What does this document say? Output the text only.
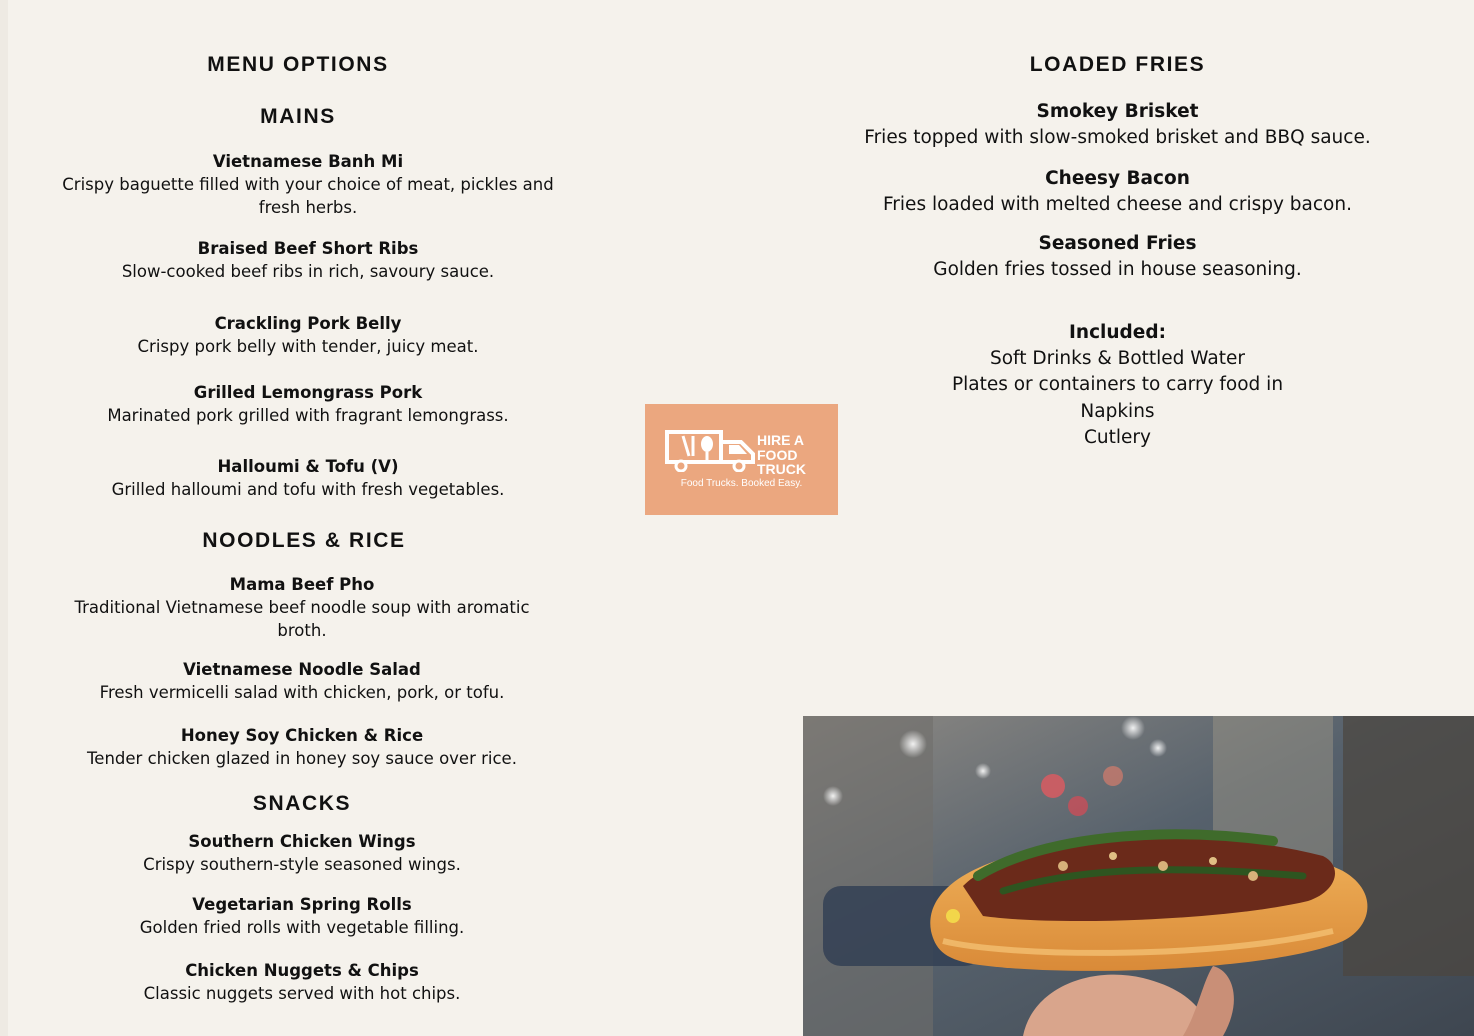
MENU OPTIONS
MAINS
Vietnamese Banh Mi
Crispy baguette filled with your choice of meat, pickles and fresh herbs.
Braised Beef Short Ribs
Slow-cooked beef ribs in rich, savoury sauce.
Crackling Pork Belly
Crispy pork belly with tender, juicy meat.
Grilled Lemongrass Pork
Marinated pork grilled with fragrant lemongrass.
Halloumi & Tofu (V)
Grilled halloumi and tofu with fresh vegetables.
NOODLES & RICE
Mama Beef Pho
Traditional Vietnamese beef noodle soup with aromatic broth.
Vietnamese Noodle Salad
Fresh vermicelli salad with chicken, pork, or tofu.
Honey Soy Chicken & Rice
Tender chicken glazed in honey soy sauce over rice.
SNACKS
Southern Chicken Wings
Crispy southern-style seasoned wings.
Vegetarian Spring Rolls
Golden fried rolls with vegetable filling.
Chicken Nuggets & Chips
Classic nuggets served with hot chips.
LOADED FRIES
Smokey Brisket
Fries topped with slow-smoked brisket and BBQ sauce.
Cheesy Bacon
Fries loaded with melted cheese and crispy bacon.
Seasoned Fries
Golden fries tossed in house seasoning.
Included:
Soft Drinks & Bottled Water
Plates or containers to carry food in
Napkins
Cutlery
HIRE A
FOOD
TRUCK
Food Trucks. Booked Easy.
